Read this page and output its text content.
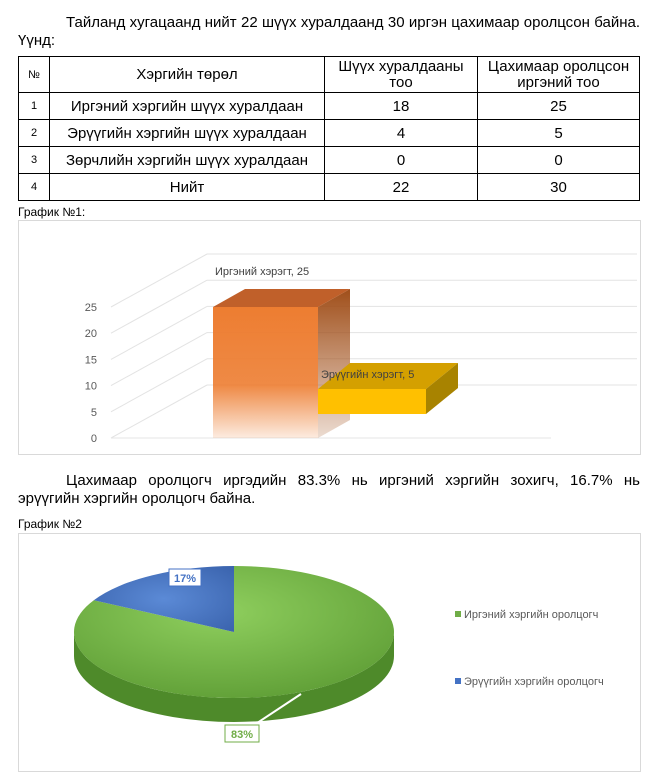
Тайланд хугацаанд нийт 22 шүүх хуралдаанд 30 иргэн цахимаар оролцсон байна. Үүнд:
№	Хэргийн төрөл	Шүүх хуралдааны тоо	Цахимаар оролцсон иргэний тоо
1	Иргэний хэргийн шүүх хуралдаан	18	25
2	Эрүүгийн хэргийн шүүх хуралдаан	4	5
3	Зөрчлийн хэргийн шүүх хуралдаан	0	0
4	Нийт	22	30
График №1:
0
5
10
15
20
25
Иргэний хэрэгт, 25
Эрүүгийн хэрэгт, 5
Цахимаар оролцогч иргэдийн 83.3% нь иргэний хэргийн зохигч, 16.7% нь эрүүгийн хэргийн оролцогч байна.
График №2
83%
17%
Иргэний хэргийн оролцогч
Эрүүгийн хэргийн оролцогч
